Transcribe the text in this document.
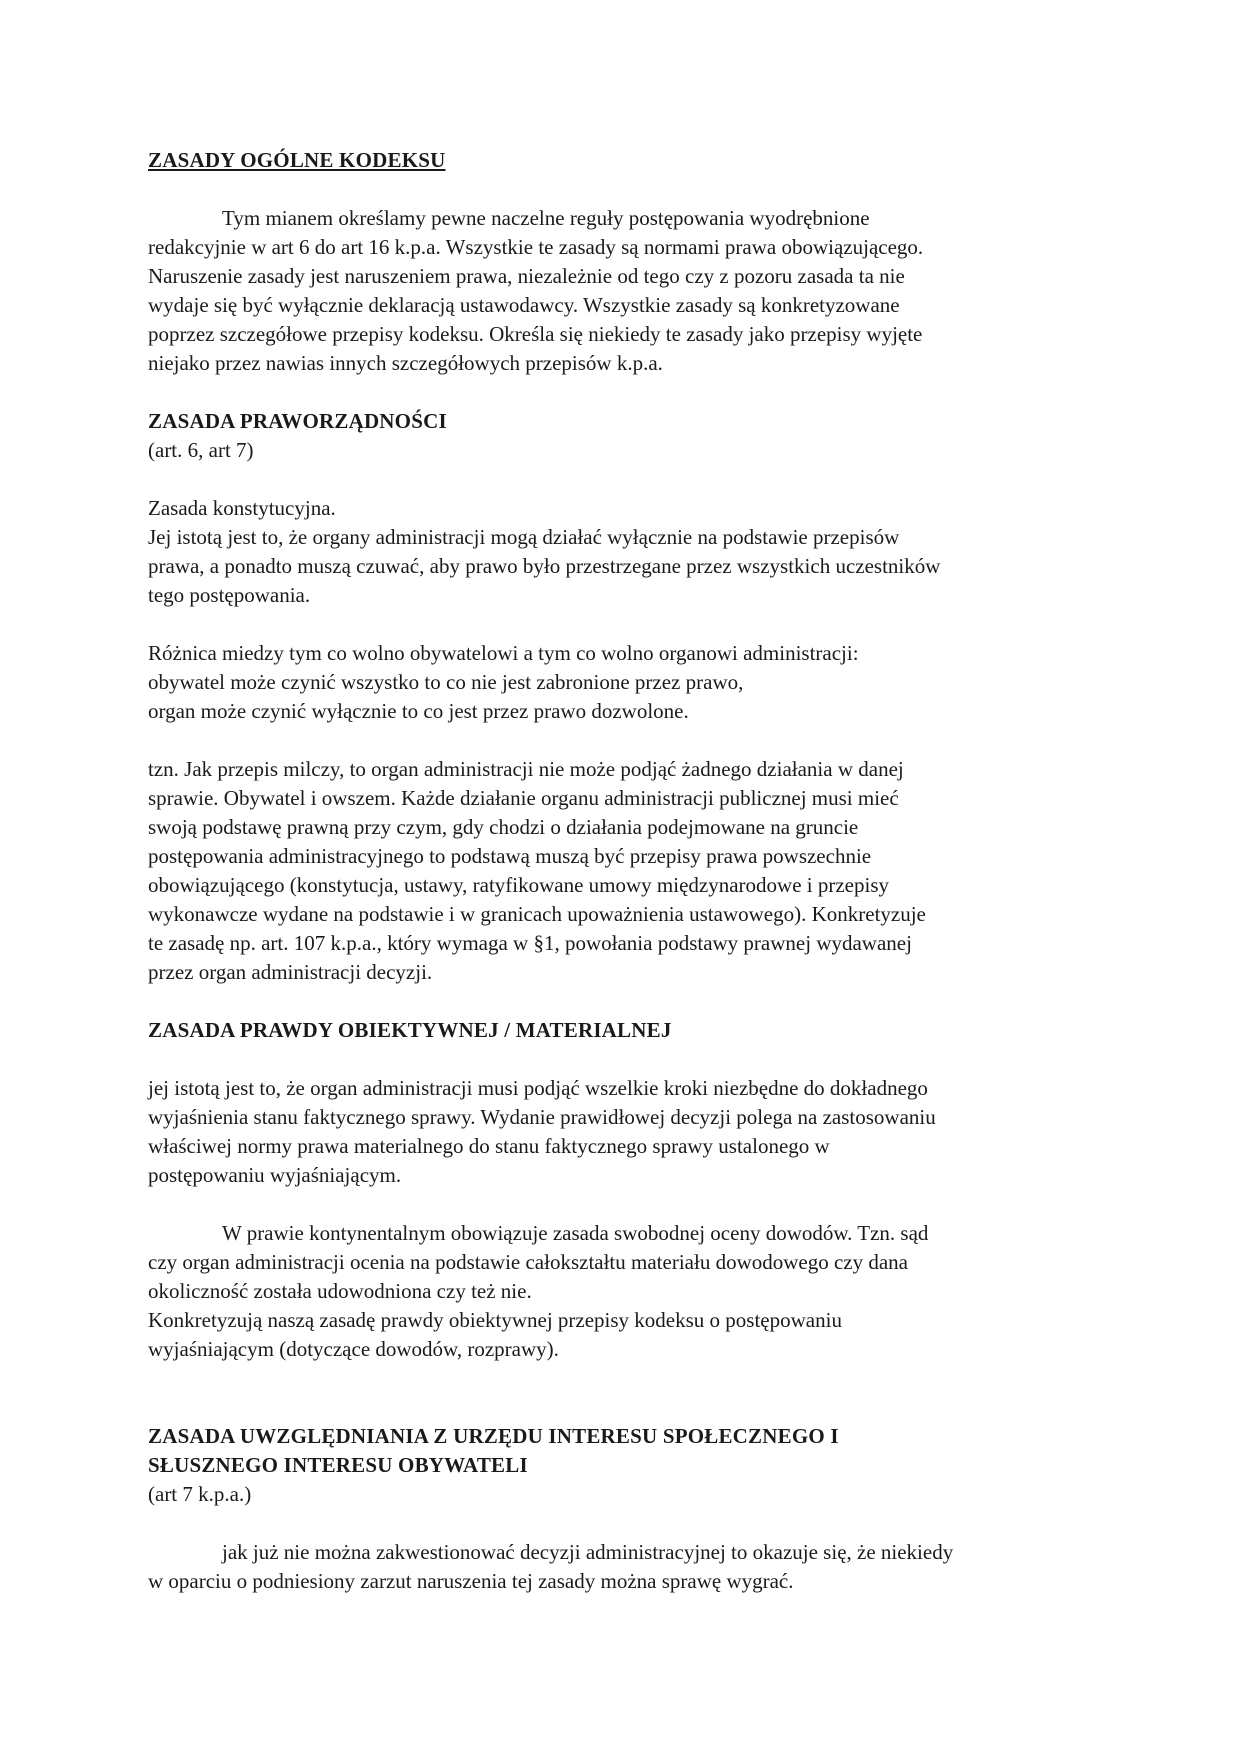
ZASADY OGÓLNE KODEKSU
Tym mianem określamy pewne naczelne reguły postępowania wyodrębnione
redakcyjnie w art 6 do art 16 k.p.a. Wszystkie te zasady są normami prawa obowiązującego.
Naruszenie zasady jest naruszeniem prawa, niezależnie od tego czy z pozoru zasada ta nie
wydaje się być wyłącznie deklaracją ustawodawcy. Wszystkie zasady są konkretyzowane
poprzez szczegółowe przepisy kodeksu. Określa się niekiedy te zasady jako przepisy wyjęte
niejako przez nawias innych szczegółowych przepisów k.p.a.
ZASADA PRAWORZĄDNOŚCI
(art. 6, art 7)
Zasada konstytucyjna.
Jej istotą jest to, że organy administracji mogą działać wyłącznie na podstawie przepisów
prawa, a ponadto muszą czuwać, aby prawo było przestrzegane przez wszystkich uczestników
tego postępowania.
Różnica miedzy tym co wolno obywatelowi a tym co wolno organowi administracji:
obywatel może czynić wszystko to co nie jest zabronione przez prawo,
organ może czynić wyłącznie to co jest przez prawo dozwolone.
tzn. Jak przepis milczy, to organ administracji nie może podjąć żadnego działania w danej
sprawie. Obywatel i owszem. Każde działanie organu administracji publicznej musi mieć
swoją podstawę prawną przy czym, gdy chodzi o działania podejmowane na gruncie
postępowania administracyjnego to podstawą muszą być przepisy prawa powszechnie
obowiązującego (konstytucja, ustawy, ratyfikowane umowy międzynarodowe i przepisy
wykonawcze wydane na podstawie i w granicach upoważnienia ustawowego). Konkretyzuje
te zasadę np. art. 107 k.p.a., który wymaga w §1, powołania podstawy prawnej wydawanej
przez organ administracji decyzji.
ZASADA PRAWDY OBIEKTYWNEJ / MATERIALNEJ
jej istotą jest to, że organ administracji musi podjąć wszelkie kroki niezbędne do dokładnego
wyjaśnienia stanu faktycznego sprawy. Wydanie prawidłowej decyzji polega na zastosowaniu
właściwej normy prawa materialnego do stanu faktycznego sprawy ustalonego w
postępowaniu wyjaśniającym.
W prawie kontynentalnym obowiązuje zasada swobodnej oceny dowodów. Tzn. sąd
czy organ administracji ocenia na podstawie całokształtu materiału dowodowego czy dana
okoliczność została udowodniona czy też nie.
Konkretyzują naszą zasadę prawdy obiektywnej przepisy kodeksu o postępowaniu
wyjaśniającym (dotyczące dowodów, rozprawy).
ZASADA UWZGLĘDNIANIA Z URZĘDU INTERESU SPOŁECZNEGO I
SŁUSZNEGO INTERESU OBYWATELI
(art 7 k.p.a.)
jak już nie można zakwestionować decyzji administracyjnej to okazuje się, że niekiedy
w oparciu o podniesiony zarzut naruszenia tej zasady można sprawę wygrać.
